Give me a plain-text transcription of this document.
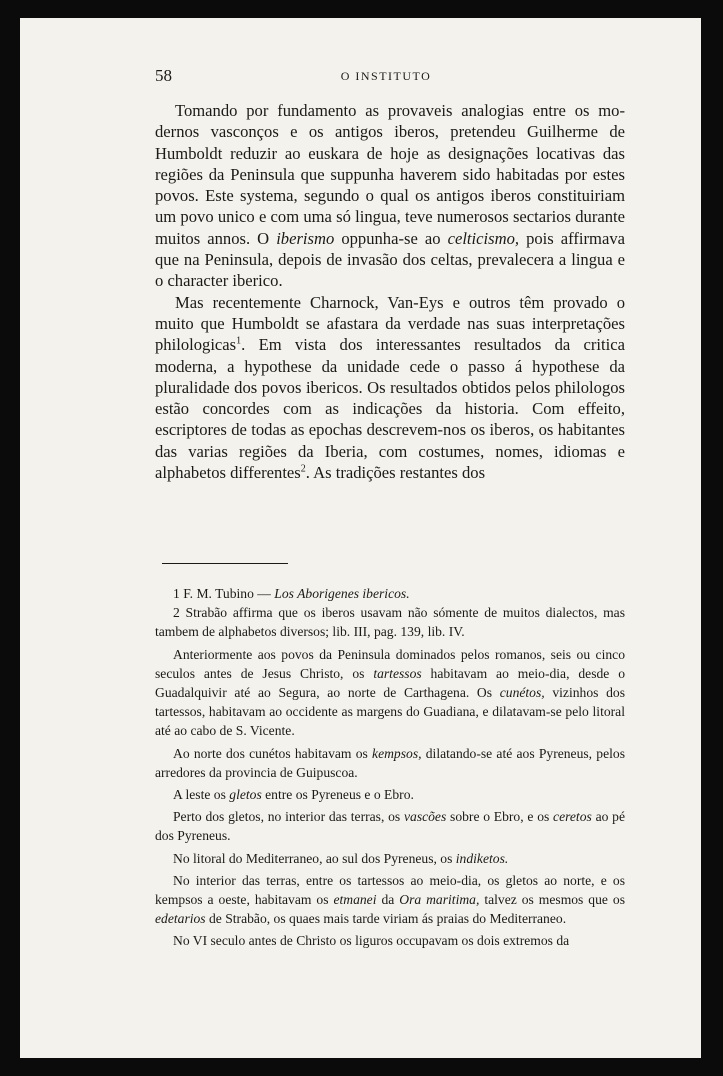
58	O INSTITUTO

Tomando por fundamento as provaveis analogias entre os modernos vasconços e os antigos iberos, pretendeu Guilherme de Humboldt reduzir ao euskara de hoje as designações locativas das regiões da Peninsula que suppunha haverem sido habitadas por estes povos. Este systema, segundo o qual os antigos iberos constituiriam um povo unico e com uma só lingua, teve numerosos sectarios durante muitos annos. O iberismo oppunha-se ao celticismo, pois affirmava que na Peninsula, depois de invasão dos celtas, prevalecera a lingua e o character iberico.

Mas recentemente Charnock, Van-Eys e outros têm provado o muito que Humboldt se afastara da verdade nas suas interpretações philologicas$^1$. Em vista dos interessantes resultados da critica moderna, a hypothese da unidade cede o passo á hypothese da pluralidade dos povos ibericos. Os resultados obtidos pelos philologos estão concordes com as indicações da historia. Com effeito, escriptores de todas as epochas descrevem-nos os iberos, os habitantes das varias regiões da Iberia, com costumes, nomes, idiomas e alphabetos differentes$^2$. As tradições restantes dos

1 F. M. Tubino — Los Aborigenes ibericos.

2 Strabão affirma que os iberos usavam não sómente de muitos dialectos, mas tambem de alphabetos diversos; lib. III, pag. 139, lib. IV.

Anteriormente aos povos da Peninsula dominados pelos romanos, seis ou cinco seculos antes de Jesus Christo, os tartessos habitavam ao meio-dia, desde o Guadalquivir até ao Segura, ao norte de Carthagena. Os cunétos, vizinhos dos tartessos, habitavam ao occidente as margens do Guadiana, e dilatavam-se pelo litoral até ao cabo de S. Vicente.

Ao norte dos cunétos habitavam os kempsos, dilatando-se até aos Pyreneus, pelos arredores da provincia de Guipuscoa.

A leste os gletos entre os Pyreneus e o Ebro.

Perto dos gletos, no interior das terras, os vascões sobre o Ebro, e os ceretos ao pé dos Pyreneus.

No litoral do Mediterraneo, ao sul dos Pyreneus, os indiketos.

No interior das terras, entre os tartessos ao meio-dia, os gletos ao norte, e os kempsos a oeste, habitavam os etmanei da Ora maritima, talvez os mesmos que os edetarios de Strabão, os quaes mais tarde viriam ás praias do Mediterraneo.

No VI seculo antes de Christo os liguros occupavam os dois extremos da
